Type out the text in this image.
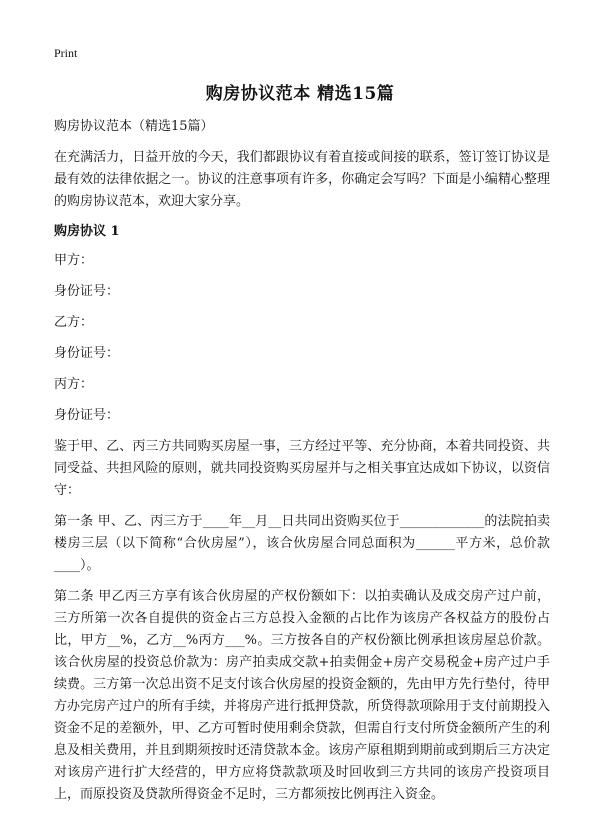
Print
购房协议范本 精选15篇

购房协议范本（精选15篇）

在充满活力，日益开放的今天，我们都跟协议有着直接或间接的联系，签订签订协议是最有效的法律依据之一。协议的注意事项有许多，你确定会写吗？下面是小编精心整理的购房协议范本，欢迎大家分享。

购房协议 1

甲方：

身份证号：

乙方：

身份证号：

丙方：

身份证号：

鉴于甲、乙、丙三方共同购买房屋一事，三方经过平等、充分协商，本着共同投资、共同受益、共担风险的原则，就共同投资购买房屋并与之相关事宜达成如下协议，以资信守：

第一条 甲、乙、丙三方于____年__月__日共同出资购买位于_____________的法院拍卖楼房三层（以下简称“合伙房屋”），该合伙房屋合同总面积为______平方米，总价款____）。

第二条 甲乙丙三方享有该合伙房屋的产权份额如下：以拍卖确认及成交房产过户前，三方所第一次各自提供的资金占三方总投入金额的占比作为该房产各权益方的股份占比，甲方__%，乙方__%丙方___%。三方按各自的产权份额比例承担该房屋总价款。该合伙房屋的投资总价款为：房产拍卖成交款+拍卖佣金+房产交易税金+房产过户手续费。三方第一次总出资不足支付该合伙房屋的投资金额的，先由甲方先行垫付，待甲方办完房产过户的所有手续，并将房产进行抵押贷款，所贷得款项除用于支付前期投入资金不足的差额外，甲、乙方可暂时使用剩余贷款，但需自行支付所贷金额所产生的利息及相关费用，并且到期须按时还清贷款本金。该房产原租期到期前或到期后三方决定对该房产进行扩大经营的，甲方应将贷款款项及时回收到三方共同的该房产投资项目上，而原投资及贷款所得资金不足时，三方都须按比例再注入资金。
